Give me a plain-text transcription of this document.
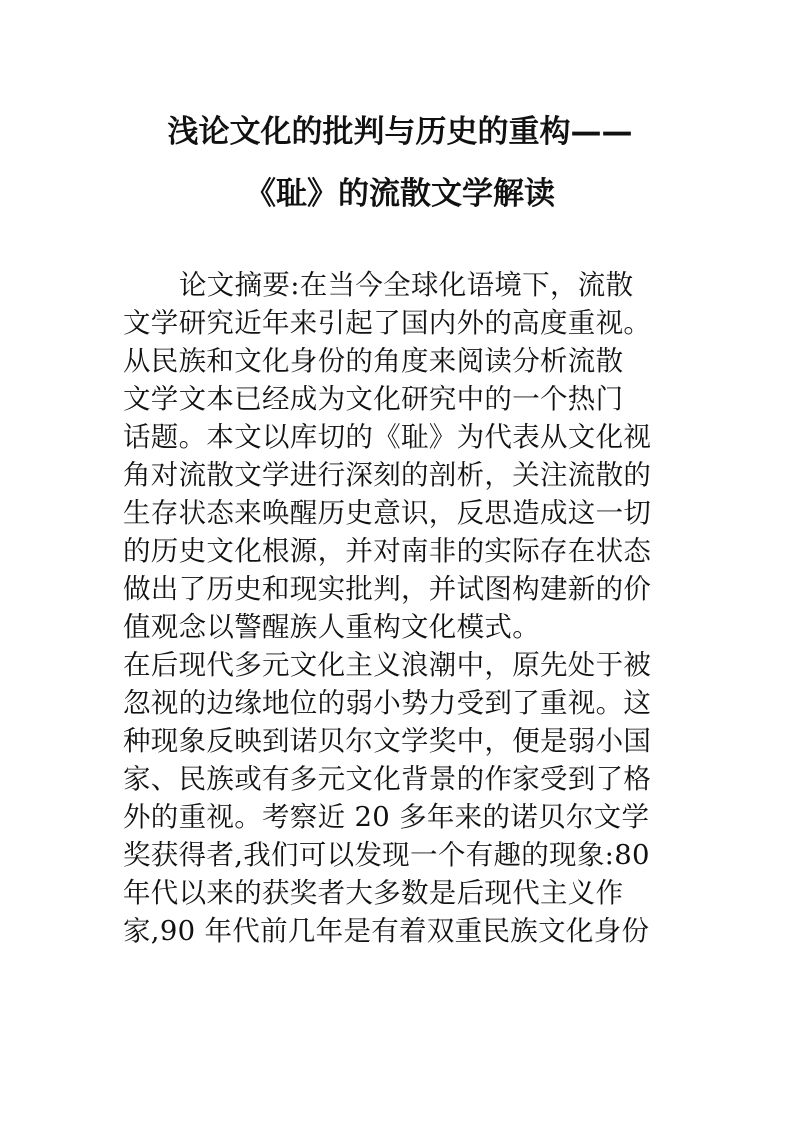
浅论文化的批判与历史的重构——
《耻》的流散文学解读
论文摘要:在当今全球化语境下，流散
文学研究近年来引起了国内外的高度重视。
从民族和文化身份的角度来阅读分析流散
文学文本已经成为文化研究中的一个热门
话题。本文以库切的《耻》为代表从文化视
角对流散文学进行深刻的剖析，关注流散的
生存状态来唤醒历史意识，反思造成这一切
的历史文化根源，并对南非的实际存在状态
做出了历史和现实批判，并试图构建新的价
值观念以警醒族人重构文化模式。
在后现代多元文化主义浪潮中，原先处于被
忽视的边缘地位的弱小势力受到了重视。这
种现象反映到诺贝尔文学奖中，便是弱小国
家、民族或有多元文化背景的作家受到了格
外的重视。考察近 20 多年来的诺贝尔文学
奖获得者,我们可以发现一个有趣的现象:80
年代以来的获奖者大多数是后现代主义作
家,90 年代前几年是有着双重民族文化身份
